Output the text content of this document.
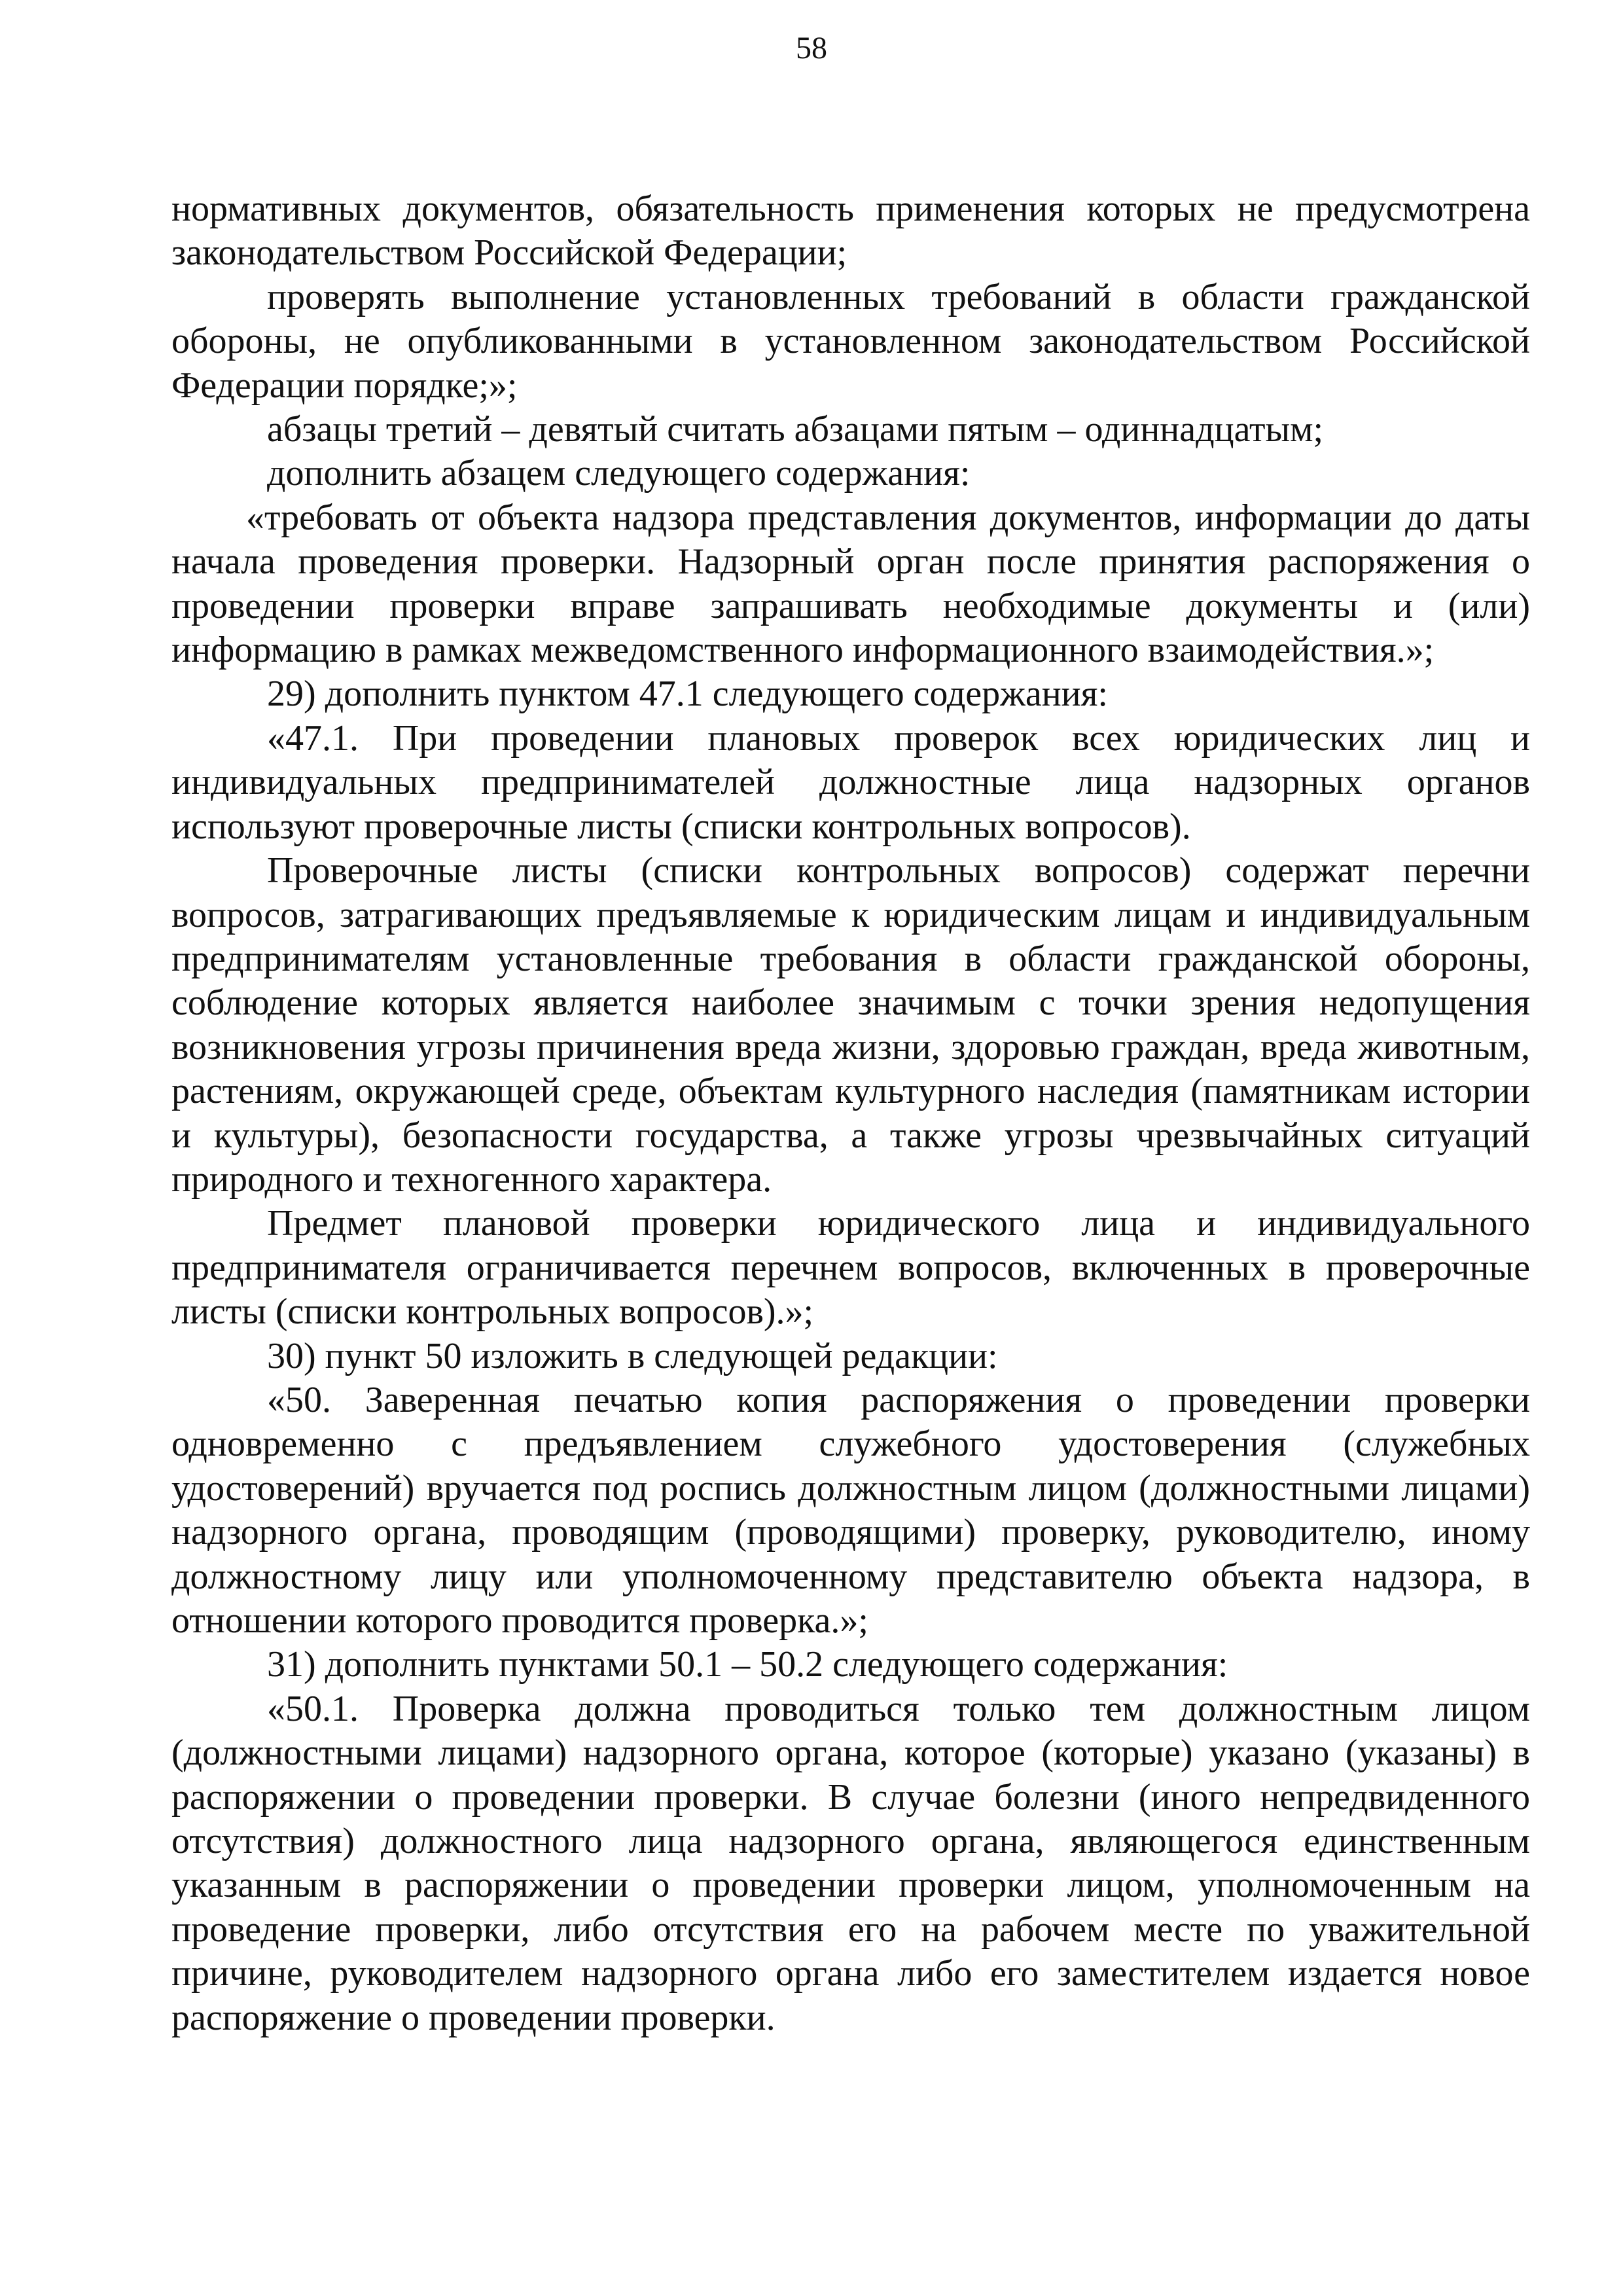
58

нормативных документов, обязательность применения которых не предусмотрена законодательством Российской Федерации;

проверять выполнение установленных требований в области гражданской обороны, не опубликованными в установленном законодательством Российской Федерации порядке;»;

абзацы третий – девятый считать абзацами пятым – одиннадцатым;

дополнить абзацем следующего содержания:

«требовать от объекта надзора представления документов, информации до даты начала проведения проверки. Надзорный орган после принятия распоряжения о проведении проверки вправе запрашивать необходимые документы и (или) информацию в рамках межведомственного информационного взаимодействия.»;

29) дополнить пунктом 47.1 следующего содержания:

«47.1. При проведении плановых проверок всех юридических лиц и индивидуальных предпринимателей должностные лица надзорных органов используют проверочные листы (списки контрольных вопросов).

Проверочные листы (списки контрольных вопросов) содержат перечни вопросов, затрагивающих предъявляемые к юридическим лицам и индивидуальным предпринимателям установленные требования в области гражданской обороны, соблюдение которых является наиболее значимым с точки зрения недопущения возникновения угрозы причинения вреда жизни, здоровью граждан, вреда животным, растениям, окружающей среде, объектам культурного наследия (памятникам истории и культуры), безопасности государства, а также угрозы чрезвычайных ситуаций природного и техногенного характера.

Предмет плановой проверки юридического лица и индивидуального предпринимателя ограничивается перечнем вопросов, включенных в проверочные листы (списки контрольных вопросов).»;

30) пункт 50 изложить в следующей редакции:

«50. Заверенная печатью копия распоряжения о проведении проверки одновременно с предъявлением служебного удостоверения (служебных удостоверений) вручается под роспись должностным лицом (должностными лицами) надзорного органа, проводящим (проводящими) проверку, руководителю, иному должностному лицу или уполномоченному представителю объекта надзора, в отношении которого проводится проверка.»;

31) дополнить пунктами 50.1 – 50.2 следующего содержания:

«50.1. Проверка должна проводиться только тем должностным лицом (должностными лицами) надзорного органа, которое (которые) указано (указаны) в распоряжении о проведении проверки. В случае болезни (иного непредвиденного отсутствия) должностного лица надзорного органа, являющегося единственным указанным в распоряжении о проведении проверки лицом, уполномоченным на проведение проверки, либо отсутствия его на рабочем месте по уважительной причине, руководителем надзорного органа либо его заместителем издается новое распоряжение о проведении проверки.
